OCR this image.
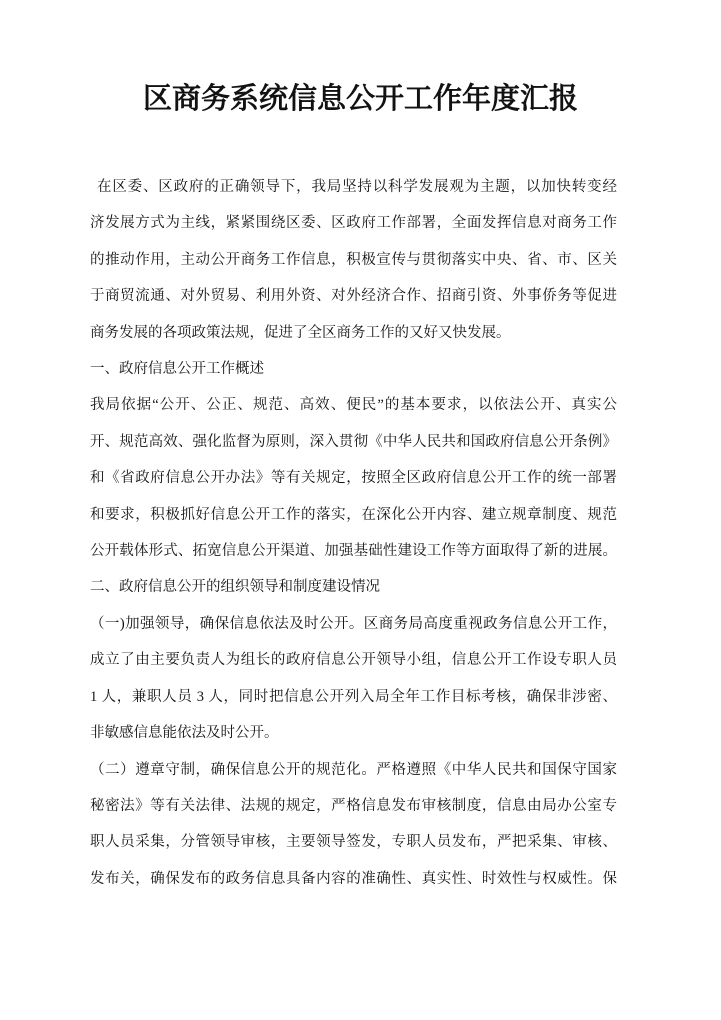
区商务系统信息公开工作年度汇报
在区委、区政府的正确领导下，我局坚持以科学发展观为主题，以加快转变经
济发展方式为主线，紧紧围绕区委、区政府工作部署，全面发挥信息对商务工作
的推动作用，主动公开商务工作信息，积极宣传与贯彻落实中央、省、市、区关
于商贸流通、对外贸易、利用外资、对外经济合作、招商引资、外事侨务等促进
商务发展的各项政策法规，促进了全区商务工作的又好又快发展。
一、政府信息公开工作概述
我局依据“公开、公正、规范、高效、便民”的基本要求，以依法公开、真实公
开、规范高效、强化监督为原则，深入贯彻《中华人民共和国政府信息公开条例》
和《省政府信息公开办法》等有关规定，按照全区政府信息公开工作的统一部署
和要求，积极抓好信息公开工作的落实，在深化公开内容、建立规章制度、规范
公开载体形式、拓宽信息公开渠道、加强基础性建设工作等方面取得了新的进展。
二、政府信息公开的组织领导和制度建设情况
（一)加强领导，确保信息依法及时公开。区商务局高度重视政务信息公开工作，
成立了由主要负责人为组长的政府信息公开领导小组，信息公开工作设专职人员
1 人，兼职人员 3 人，同时把信息公开列入局全年工作目标考核，确保非涉密、
非敏感信息能依法及时公开。
（二）遵章守制，确保信息公开的规范化。严格遵照《中华人民共和国保守国家
秘密法》等有关法律、法规的规定，严格信息发布审核制度，信息由局办公室专
职人员采集，分管领导审核，主要领导签发，专职人员发布，严把采集、审核、
发布关，确保发布的政务信息具备内容的准确性、真实性、时效性与权威性。保
